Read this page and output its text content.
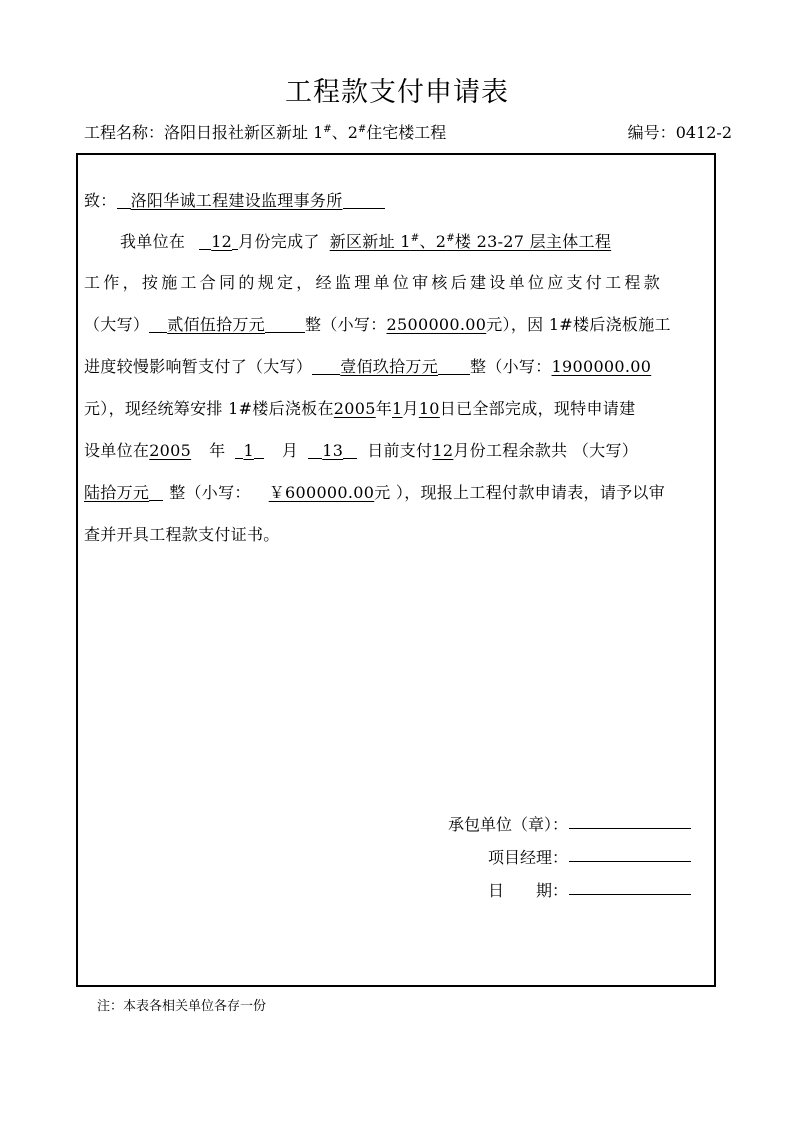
工程款支付申请表
工程名称：洛阳日报社新区新址 1#、2#住宅楼工程	编号：0412-2
致： 洛阳华诚工程建设监理事务所
我单位在 12 月份完成了 新区新址 1#、2#楼 23-27 层主体工程
工作，按施工合同的规定，经监理单位审核后建设单位应支付工程款
（大写） 贰佰伍拾万元	整（小写：2500000.00元），因 1#楼后浇板施工
进度较慢影响暂支付了（大写） 壹佰玖拾万元 整（小写：1900000.00
元），现经统筹安排 1#楼后浇板在2005年1月10日已全部完成，现特申请建
设单位在2005 年 1 月 13 日前支付12月份工程余款共 （大写）
陆拾万元 整（小写： ￥600000.00元 ），现报上工程付款申请表，请予以审
查并开具工程款支付证书。
承包单位（章）：
项目经理：
日　　期：
注：本表各相关单位各存一份
